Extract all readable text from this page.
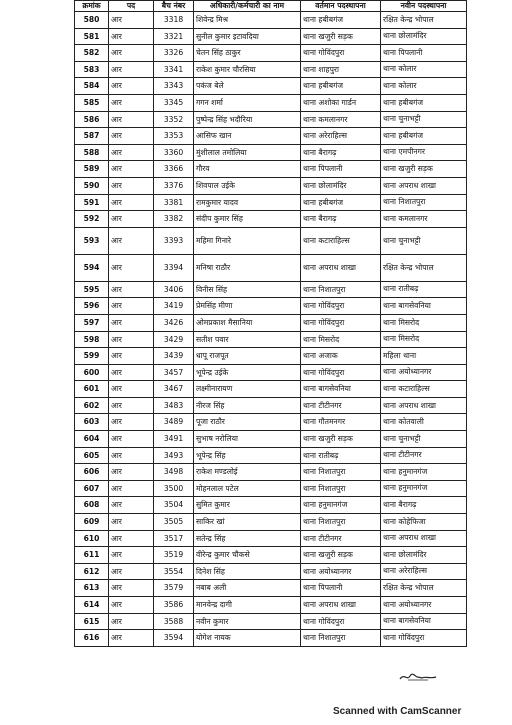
क्रमांक	पद	बैच नंबर	अधिकारी/कर्मचारी का नाम	वर्तमान पदस्थापना	नवीन पदस्थापना
580	आर	3318	शिवेन्द्र मिश्र	थाना हबीबगंज	रक्षित केन्द्र भोपाल
581	आर	3321	सुनील कुमार इटावदिया	थाना खजुरी सड़क	थाना छोलामंदिर
582	आर	3326	चेतन सिंह ठाकुर	थाना गोविंदपुरा	थाना पिपलानी
583	आर	3341	राकेश कुमार चौरसिया	थाना शाहपुरा	थाना कोलार
584	आर	3343	पकंज बेले	थाना हबीबगंज	थाना कोलार
585	आर	3345	गगन शर्मा	थाना अशोका गार्डन	थाना हबीबगंज
586	आर	3352	पुष्पेन्द्र सिंह भदौरिया	थाना कमलानगर	थाना चुनाभट्टी
587	आर	3353	आसिफ खान	थाना अरेराहिल्स	थाना हबीबगंज
588	आर	3360	मुंशीलाल तमोलिया	थाना बैरागढ़	थाना एमपीनगर
589	आर	3366	गौरव	थाना पिपलानी	थाना खजुरी सड़क
590	आर	3376	शिवपाल उईके	थाना छोलामंदिर	थाना अपराध शाखा
591	आर	3381	रामकुमार यादव	थाना हबीबगंज	थाना निशातपुरा
592	आर	3382	संदीप कुमार सिंह	थाना बैरागढ़	थाना कमलानगर
593	आर	3393	महिमा गिनारे	थाना कटाराहिल्स	थाना चुनाभट्टी
594	आर	3394	मनिषा राठौर	थाना अपराध शाखा	रक्षित केन्द्र भोपाल
595	आर	3406	विनीस सिंह	थाना निशातपुरा	थाना रातीबढ़
596	आर	3419	प्रेमसिंह मीणा	थाना गोविंदपुरा	थाना बागसेवनिया
597	आर	3426	ओमप्रकाश मैसानिया	थाना गोविंदपुरा	थाना मिसरोद
598	आर	3429	सतीश पवार	थाना मिसरोद	थाना मिसरोद
599	आर	3439	धापू राजपूत	थाना अजाक	महिला थाना
600	आर	3457	भूपेन्द्र उईके	थाना गोविंदपुरा	थाना अयोध्यानगर
601	आर	3467	लक्ष्मीनारायण	थाना बागसेवनिया	थाना कटाराहिल्स
602	आर	3483	नीरज सिंह	थाना टीटीनगर	थाना अपराध शाखा
603	आर	3489	पूजा राठौर	थाना गौतमनगर	थाना कोतवाली
604	आर	3491	सुभाष नरोलिया	थाना खजुरी सड़क	थाना चुनाभट्टी
605	आर	3493	भूपेन्द्र सिंह	थाना रातीबढ़	थाना टीटीनगर
606	आर	3498	राकेश मण्डलोई	थाना निशातपुरा	थाना हनुमानगंज
607	आर	3500	मोहनलाल पटेल	थाना निशातपुरा	थाना हनुमानगंज
608	आर	3504	सुमित कुमार	थाना हनुमानगंज	थाना बैरागढ़
609	आर	3505	साकिर खां	थाना निशातपुरा	थाना कोहेफिजा
610	आर	3517	सतेन्द्र सिंह	थाना टीटीनगर	थाना अपराध शाखा
611	आर	3519	वीरेन्द्र कुमार चौकसे	थाना खजुरी सड़क	थाना छोलामंदिर
612	आर	3554	दिनेश सिंह	थाना अयोध्यानगर	थाना अरेराहिल्स
613	आर	3579	नबाब अली	थाना पिपलानी	रक्षित केन्द्र भोपाल
614	आर	3586	मानवेन्द्र दागी	थाना अपराध शाखा	थाना अयोध्यानगर
615	आर	3588	नवीन कुमार	थाना गोविंदपुरा	थाना बागसेवनिया
616	आर	3594	योगेश नायक	थाना निशातपुरा	थाना गोविंदपुरा
Scanned with CamScanner
